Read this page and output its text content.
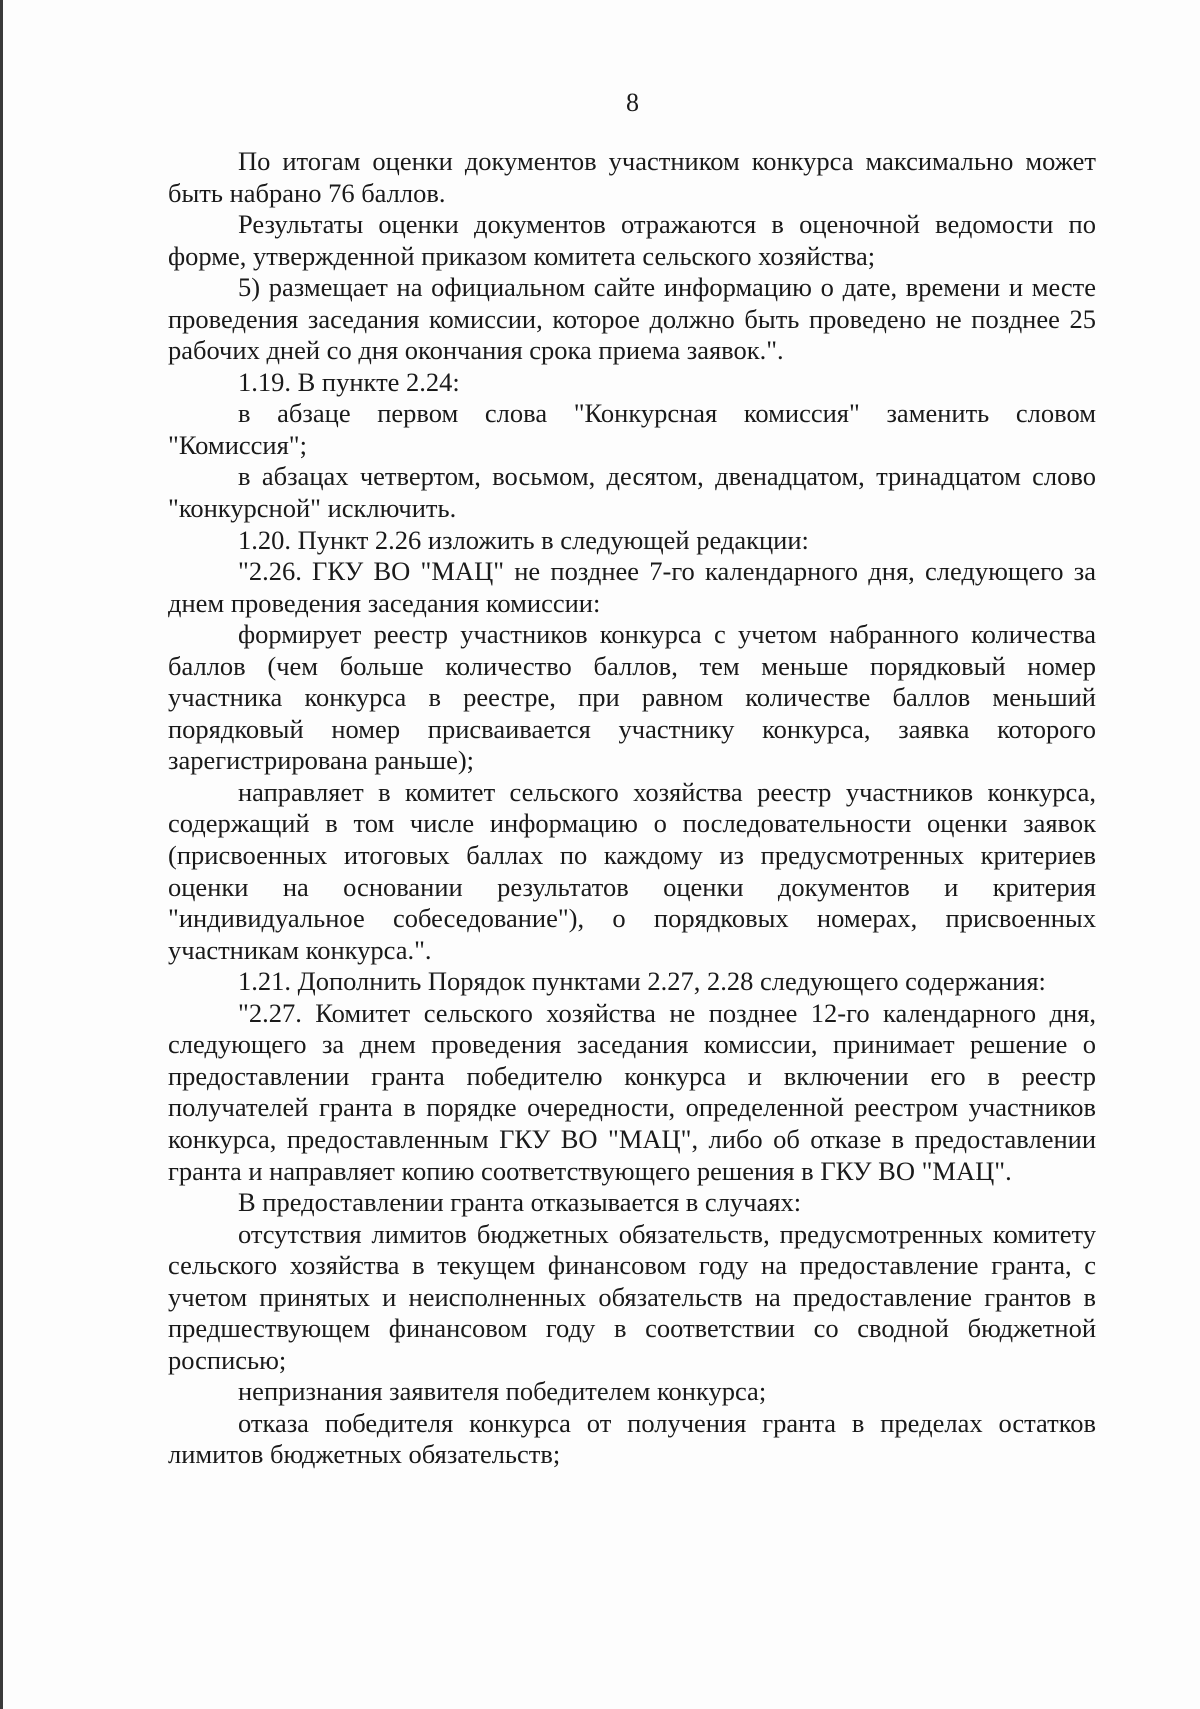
8

По итогам оценки документов участником конкурса максимально может быть набрано 76 баллов.

Результаты оценки документов отражаются в оценочной ведомости по форме, утвержденной приказом комитета сельского хозяйства;

5) размещает на официальном сайте информацию о дате, времени и месте проведения заседания комиссии, которое должно быть проведено не позднее 25 рабочих дней со дня окончания срока приема заявок.".

1.19. В пункте 2.24:

в абзаце первом слова "Конкурсная комиссия" заменить словом "Комиссия";

в абзацах четвертом, восьмом, десятом, двенадцатом, тринадцатом слово "конкурсной" исключить.

1.20. Пункт 2.26 изложить в следующей редакции:

"2.26. ГКУ ВО "МАЦ" не позднее 7-го календарного дня, следующего за днем проведения заседания комиссии:

формирует реестр участников конкурса с учетом набранного количества баллов (чем больше количество баллов, тем меньше порядковый номер участника конкурса в реестре, при равном количестве баллов меньший порядковый номер присваивается участнику конкурса, заявка которого зарегистрирована раньше);

направляет в комитет сельского хозяйства реестр участников конкурса, содержащий в том числе информацию о последовательности оценки заявок (присвоенных итоговых баллах по каждому из предусмотренных критериев оценки на основании результатов оценки документов и критерия "индивидуальное собеседование"), о порядковых номерах, присвоенных участникам конкурса.".

1.21. Дополнить Порядок пунктами 2.27, 2.28 следующего содержания:

"2.27. Комитет сельского хозяйства не позднее 12-го календарного дня, следующего за днем проведения заседания комиссии, принимает решение о предоставлении гранта победителю конкурса и включении его в реестр получателей гранта в порядке очередности, определенной реестром участников конкурса, предоставленным ГКУ ВО "МАЦ", либо об отказе в предоставлении гранта и направляет копию соответствующего решения в ГКУ ВО "МАЦ".

В предоставлении гранта отказывается в случаях:

отсутствия лимитов бюджетных обязательств, предусмотренных комитету сельского хозяйства в текущем финансовом году на предоставление гранта, с учетом принятых и неисполненных обязательств на предоставление грантов в предшествующем финансовом году в соответствии со сводной бюджетной росписью;

непризнания заявителя победителем конкурса;

отказа победителя конкурса от получения гранта в пределах остатков лимитов бюджетных обязательств;
